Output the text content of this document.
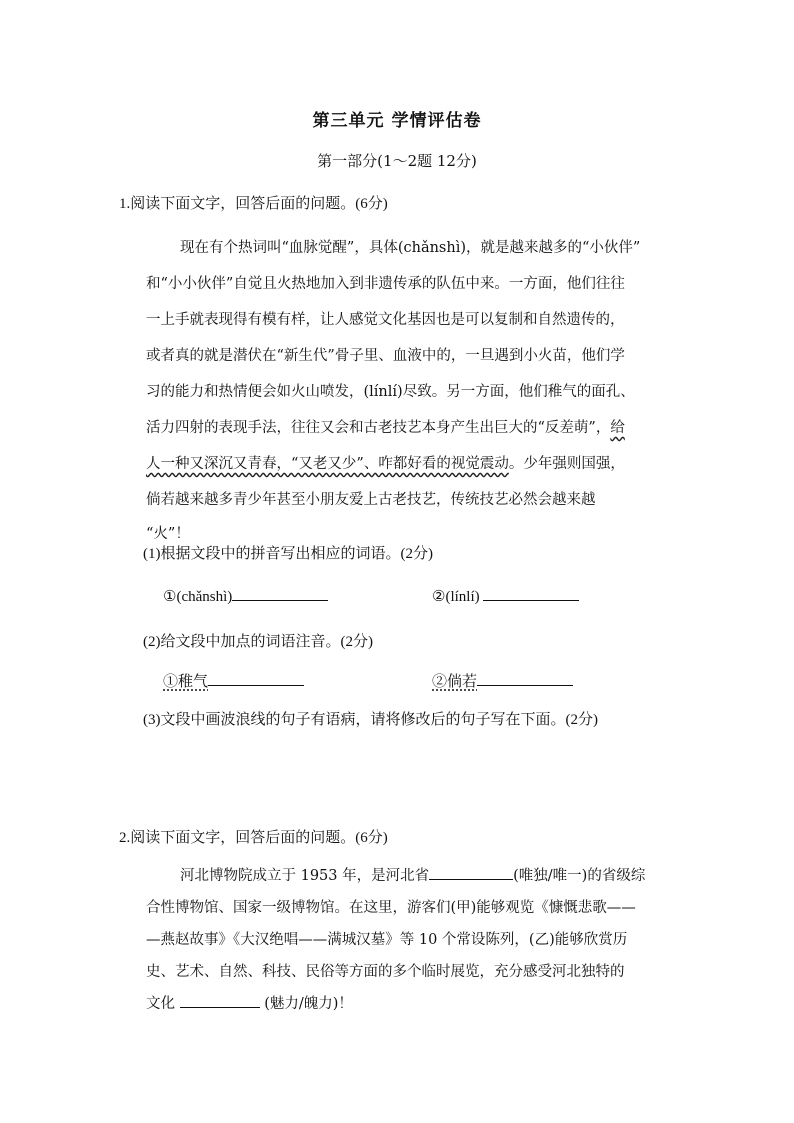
第三单元 学情评估卷
第一部分(1～2题 12分)
1.阅读下面文字，回答后面的问题。(6分)
现在有个热词叫“血脉觉醒”，具体(chǎnshì)，就是越来越多的“小伙伴”
和“小小伙伴”自觉且火热地加入到非遗传承的队伍中来。一方面，他们往往
一上手就表现得有模有样，让人感觉文化基因也是可以复制和自然遗传的，
或者真的就是潜伏在“新生代”骨子里、血液中的，一旦遇到小火苗，他们学
习的能力和热情便会如火山喷发，(línlí)尽致。另一方面，他们稚气的面孔、
活力四射的表现手法，往往又会和古老技艺本身产生出巨大的“反差萌”，给
人一种又深沉又青春，“又老又少”、咋都好看的视觉震动。少年强则国强，
倘若越来越多青少年甚至小朋友爱上古老技艺，传统技艺必然会越来越
“火”！
(1)根据文段中的拼音写出相应的词语。(2分)
①(chǎnshì)	②(línlí)
(2)给文段中加点的词语注音。(2分)
①稚气	②倘若
(3)文段中画波浪线的句子有语病，请将修改后的句子写在下面。(2分)
2.阅读下面文字，回答后面的问题。(6分)
河北博物院成立于 1953 年，是河北省	(唯独/唯一)的省级综
合性博物馆、国家一级博物馆。在这里，游客们(甲)能够观览《慷慨悲歌——
—燕赵故事》《大汉绝唱——满城汉墓》等 10 个常设陈列，(乙)能够欣赏历
史、艺术、自然、科技、民俗等方面的多个临时展览，充分感受河北独特的
文化	(魅力/魄力)！
